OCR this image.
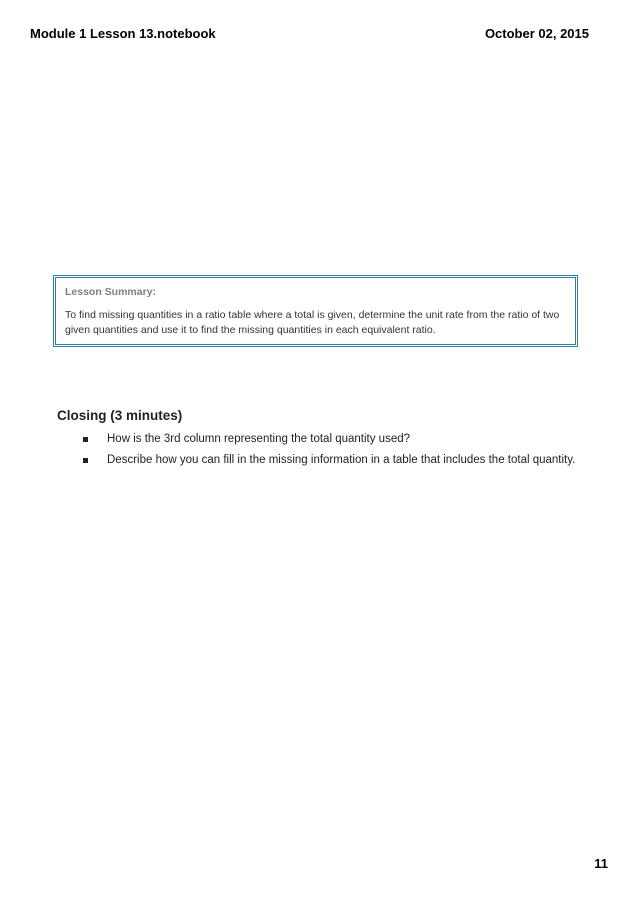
Module 1 Lesson 13.notebook	October 02, 2015
Lesson Summary:
To find missing quantities in a ratio table where a total is given, determine the unit rate from the ratio of two given quantities and use it to find the missing quantities in each equivalent ratio.
Closing (3 minutes)
How is the 3rd column representing the total quantity used?
Describe how you can fill in the missing information in a table that includes the total quantity.
11
